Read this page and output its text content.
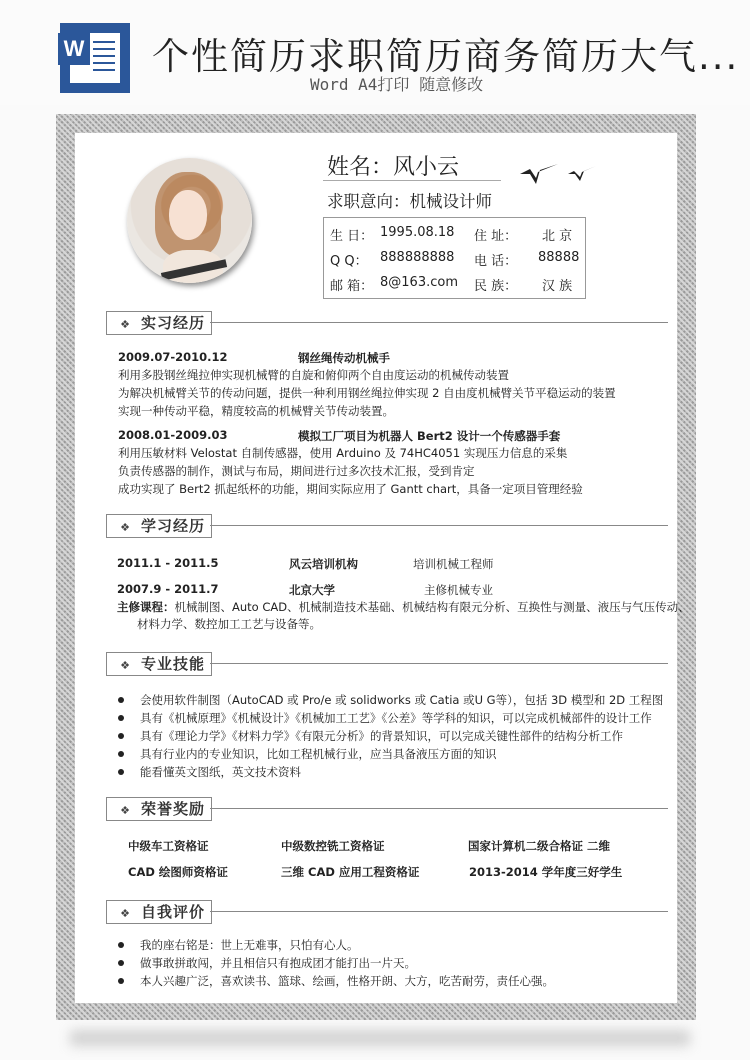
W 个性简历求职简历商务简历大气...
Word A4打印 随意修改
姓名：风小云
求职意向：机械设计师
生 日： 1995.08.18 住 址： 北 京
Q Q： 888888888 电 话： 88888
邮 箱： 8@163.com 民 族： 汉 族
❖ 实习经历
2009.07-2010.12	钢丝绳传动机械手
利用多股钢丝绳拉伸实现机械臂的自旋和俯仰两个自由度运动的机械传动装置
为解决机械臂关节的传动问题，提供一种利用钢丝绳拉伸实现 2 自由度机械臂关节平稳运动的装置
实现一种传动平稳，精度较高的机械臂关节传动装置。
2008.01-2009.03	模拟工厂项目为机器人 Bert2 设计一个传感器手套
利用压敏材料 Velostat 自制传感器，使用 Arduino 及 74HC4051 实现压力信息的采集
负责传感器的制作，测试与布局，期间进行过多次技术汇报，受到肯定
成功实现了 Bert2 抓起纸杯的功能，期间实际应用了 Gantt chart，具备一定项目管理经验
❖ 学习经历
2011.1 - 2011.5	风云培训机构	培训机械工程师
2007.9 - 2011.7	北京大学	主修机械专业
主修课程：机械制图、Auto CAD、机械制造技术基础、机械结构有限元分析、互换性与测量、液压与气压传动、
材料力学、数控加工工艺与设备等。
❖ 专业技能
会使用软件制图（AutoCAD 或 Pro/e 或 solidworks 或 Catia 或U G等），包括 3D 模型和 2D 工程图
具有《机械原理》《机械设计》《机械加工工艺》《公差》等学科的知识，可以完成机械部件的设计工作
具有《理论力学》《材料力学》《有限元分析》的背景知识，可以完成关键性部件的结构分析工作
具有行业内的专业知识，比如工程机械行业，应当具备液压方面的知识
能看懂英文图纸，英文技术资料
❖ 荣誉奖励
中级车工资格证	中级数控铣工资格证	国家计算机二级合格证 二维
CAD 绘图师资格证	三维 CAD 应用工程资格证	2013-2014 学年度三好学生
❖ 自我评价
我的座右铭是：世上无难事，只怕有心人。
做事敢拼敢闯，并且相信只有抱成团才能打出一片天。
本人兴趣广泛，喜欢读书、篮球、绘画，性格开朗、大方，吃苦耐劳，责任心强。
